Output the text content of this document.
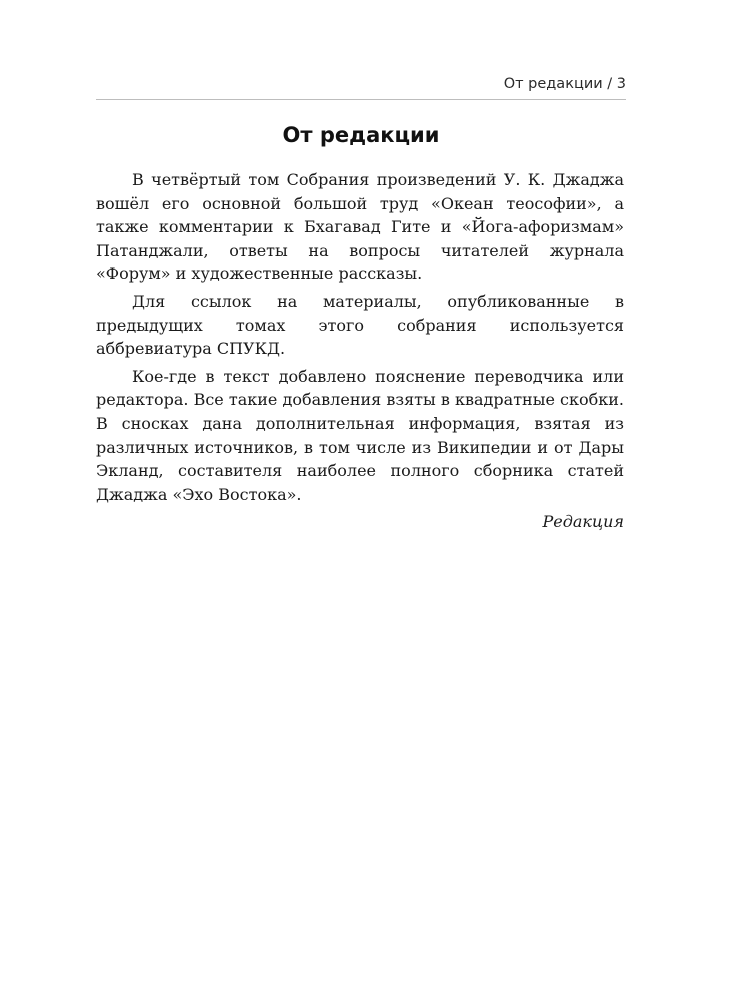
От редакции / 3
От редакции

В четвёртый том Собрания произведений У. К. Джаджа вошёл его основной большой труд «Океан теософии», а также комментарии к Бхагавад Гите и «Йога-афоризмам» Патанджали, ответы на вопросы читателей журнала «Форум» и художественные рассказы.

Для ссылок на материалы, опубликованные в предыдущих томах этого собрания используется аббревиатура СПУКД.

Кое-где в текст добавлено пояснение переводчика или редактора. Все такие добавления взяты в квадратные скобки. В сносках дана дополнительная информация, взятая из различных источников, в том числе из Википедии и от Дары Экланд, составителя наиболее полного сборника статей Джаджа «Эхо Востока».

Редакция
